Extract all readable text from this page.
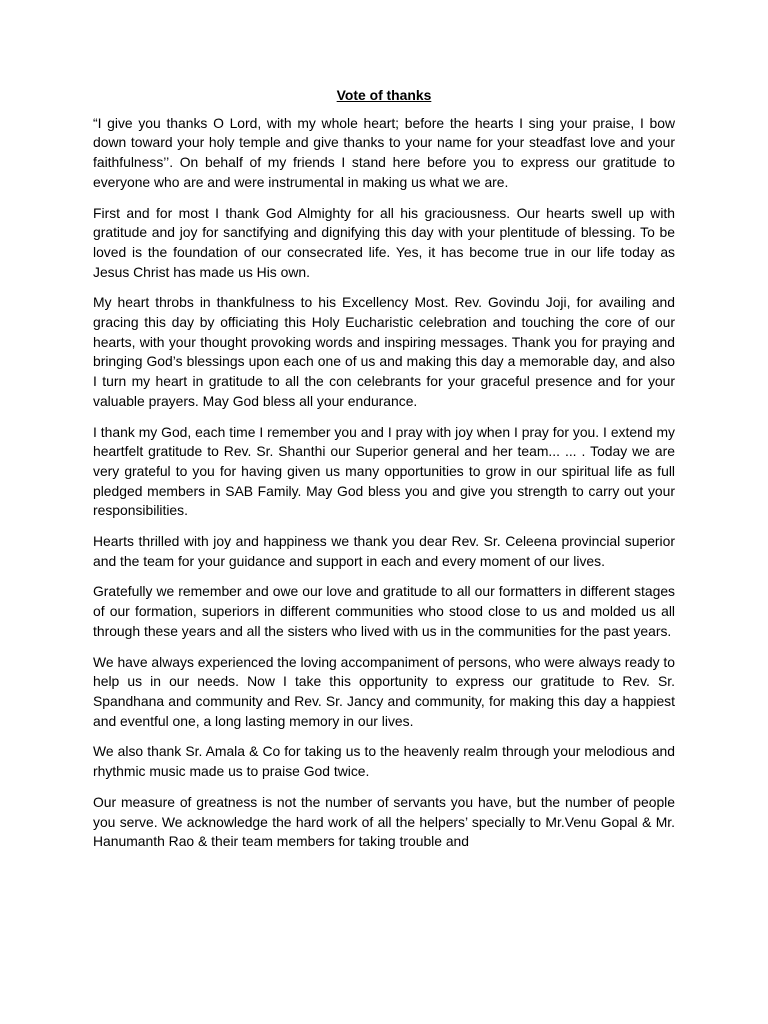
Vote of thanks

“I give you thanks O Lord, with my whole heart; before the hearts I sing your praise, I bow down toward your holy temple and give thanks to your name for your steadfast love and your faithfulness’’. On behalf of my friends I stand here before you to express our gratitude to everyone who are and were instrumental in making us what we are.

First and for most I thank God Almighty for all his graciousness. Our hearts swell up with gratitude and joy for sanctifying and dignifying this day with your plentitude of blessing. To be loved is the foundation of our consecrated life. Yes, it has become true in our life today as Jesus Christ has made us His own.

My heart throbs in thankfulness to his Excellency Most. Rev. Govindu Joji, for availing and gracing this day by officiating this Holy Eucharistic celebration and touching the core of our hearts, with your thought provoking words and inspiring messages. Thank you for praying and bringing God’s blessings upon each one of us and making this day a memorable day, and also I turn my heart in gratitude to all the con celebrants for your graceful presence and for your valuable prayers. May God bless all your endurance.

I thank my God, each time I remember you and I pray with joy when I pray for you. I extend my heartfelt gratitude to Rev. Sr. Shanthi our Superior general and her team... ... . Today we are very grateful to you for having given us many opportunities to grow in our spiritual life as full pledged members in SAB Family. May God bless you and give you strength to carry out your responsibilities.

Hearts thrilled with joy and happiness we thank you dear Rev. Sr. Celeena provincial superior and the team for your guidance and support in each and every moment of our lives.

Gratefully we remember and owe our love and gratitude to all our formatters in different stages of our formation, superiors in different communities who stood close to us and molded us all through these years and all the sisters who lived with us in the communities for the past years.

We have always experienced the loving accompaniment of persons, who were always ready to help us in our needs. Now I take this opportunity to express our gratitude to Rev. Sr. Spandhana and community and Rev. Sr. Jancy and community, for making this day a happiest and eventful one, a long lasting memory in our lives.

We also thank Sr. Amala & Co for taking us to the heavenly realm through your melodious and rhythmic music made us to praise God twice.

Our measure of greatness is not the number of servants you have, but the number of people you serve. We acknowledge the hard work of all the helpers’ specially to Mr.Venu Gopal & Mr. Hanumanth Rao & their team members for taking trouble and
